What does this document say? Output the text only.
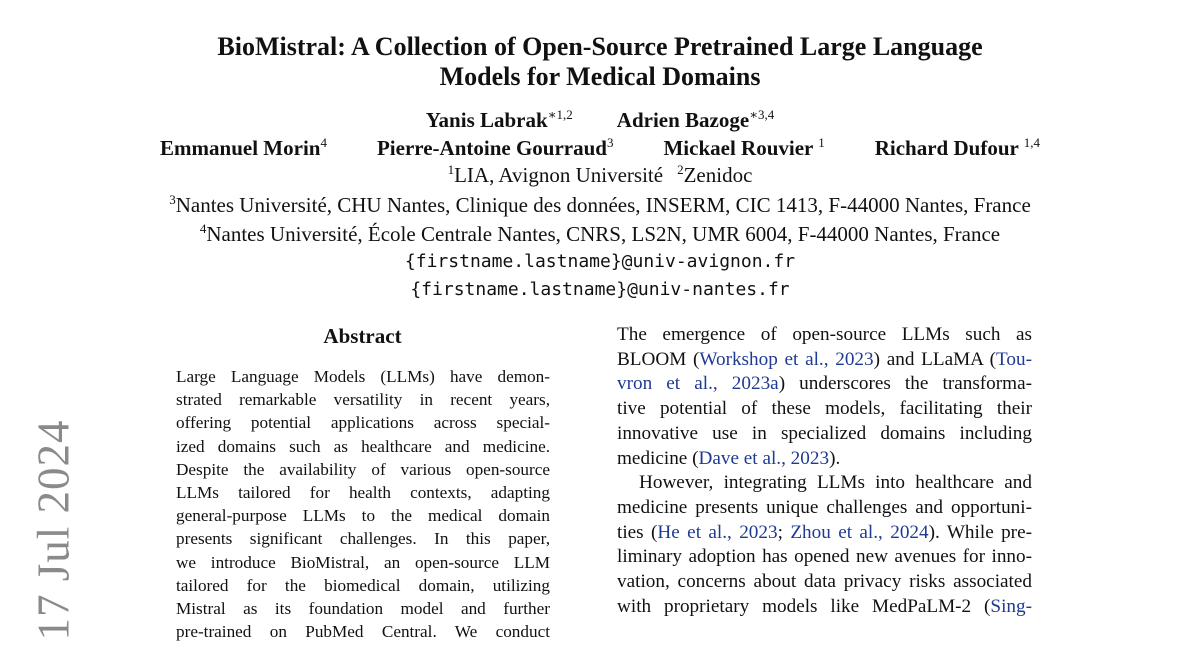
17 Jul 2024
BioMistral: A Collection of Open-Source Pretrained Large Language
Models for Medical Domains
Yanis Labrak$^{∗1,2}$ Adrien Bazoge$^{∗3,4}$
Emmanuel Morin$^4$ Pierre-Antoine Gourraud$^3$ Mickael Rouvier $^1$ Richard Dufour $^{1,4}$
$^1$LIA, Avignon Université $^2$Zenidoc
$^3$Nantes Université, CHU Nantes, Clinique des données, INSERM, CIC 1413, F-44000 Nantes, France
$^4$Nantes Université, École Centrale Nantes, CNRS, LS2N, UMR 6004, F-44000 Nantes, France
{firstname.lastname}@univ-avignon.fr
{firstname.lastname}@univ-nantes.fr
Abstract
Large Language Models (LLMs) have demon-
strated remarkable versatility in recent years,
offering potential applications across special-
ized domains such as healthcare and medicine.
Despite the availability of various open-source
LLMs tailored for health contexts, adapting
general-purpose LLMs to the medical domain
presents significant challenges. In this paper,
we introduce BioMistral, an open-source LLM
tailored for the biomedical domain, utilizing
Mistral as its foundation model and further
pre-trained on PubMed Central. We conduct
The emergence of open-source LLMs such as
BLOOM (Workshop et al., 2023) and LLaMA (Tou-
vron et al., 2023a) underscores the transforma-
tive potential of these models, facilitating their
innovative use in specialized domains including
medicine (Dave et al., 2023).
However, integrating LLMs into healthcare and
medicine presents unique challenges and opportuni-
ties (He et al., 2023; Zhou et al., 2024). While pre-
liminary adoption has opened new avenues for inno-
vation, concerns about data privacy risks associated
with proprietary models like MedPaLM-2 (Sing-
